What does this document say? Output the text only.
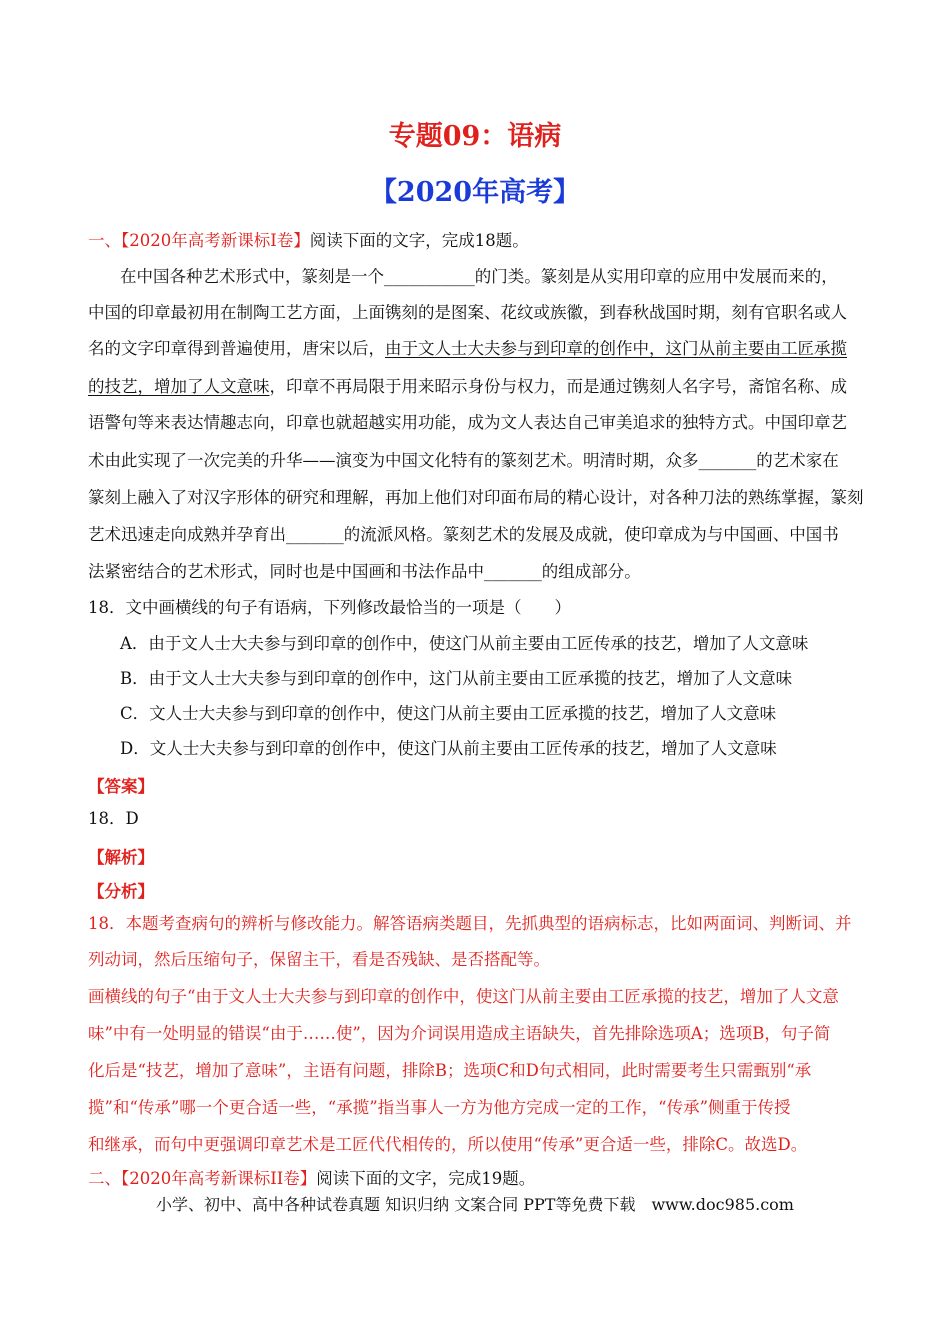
专题09：语病
【2020年高考】
一、【2020年高考新课标Ⅰ卷】阅读下面的文字，完成18题。
在中国各种艺术形式中，篆刻是一个___________的门类。篆刻是从实用印章的应用中发展而来的，
中国的印章最初用在制陶工艺方面，上面镌刻的是图案、花纹或族徽，到春秋战国时期，刻有官职名或人
名的文字印章得到普遍使用，唐宋以后，由于文人士大夫参与到印章的创作中，这门从前主要由工匠承揽
的技艺，增加了人文意味，印章不再局限于用来昭示身份与权力，而是通过镌刻人名字号，斋馆名称、成
语警句等来表达情趣志向，印章也就超越实用功能，成为文人表达自己审美追求的独特方式。中国印章艺
术由此实现了一次完美的升华——演变为中国文化特有的篆刻艺术。明清时期，众多_______的艺术家在
篆刻上融入了对汉字形体的研究和理解，再加上他们对印面布局的精心设计，对各种刀法的熟练掌握，篆刻
艺术迅速走向成熟并孕育出_______的流派风格。篆刻艺术的发展及成就，使印章成为与中国画、中国书
法紧密结合的艺术形式，同时也是中国画和书法作品中_______的组成部分。
18．文中画横线的句子有语病，下列修改最恰当的一项是（　　）
A．由于文人士大夫参与到印章的创作中，使这门从前主要由工匠传承的技艺，增加了人文意味
B．由于文人士大夫参与到印章的创作中，这门从前主要由工匠承揽的技艺，增加了人文意味
C．文人士大夫参与到印章的创作中，使这门从前主要由工匠承揽的技艺，增加了人文意味
D．文人士大夫参与到印章的创作中，使这门从前主要由工匠传承的技艺，增加了人文意味
【答案】
18．D
【解析】
【分析】
18．本题考查病句的辨析与修改能力。解答语病类题目，先抓典型的语病标志，比如两面词、判断词、并
列动词，然后压缩句子，保留主干，看是否残缺、是否搭配等。
画横线的句子“由于文人士大夫参与到印章的创作中，使这门从前主要由工匠承揽的技艺，增加了人文意
味”中有一处明显的错误“由于……使”，因为介词误用造成主语缺失，首先排除选项A；选项B，句子简
化后是“技艺，增加了意味”，主语有问题，排除B；选项C和D句式相同，此时需要考生只需甄别“承
揽”和“传承”哪一个更合适一些，“承揽”指当事人一方为他方完成一定的工作，“传承”侧重于传授
和继承，而句中更强调印章艺术是工匠代代相传的，所以使用“传承”更合适一些，排除C。故选D。
二、【2020年高考新课标II卷】阅读下面的文字，完成19题。
小学、初中、高中各种试卷真题 知识归纳 文案合同 PPT等免费下载　www.doc985.com
